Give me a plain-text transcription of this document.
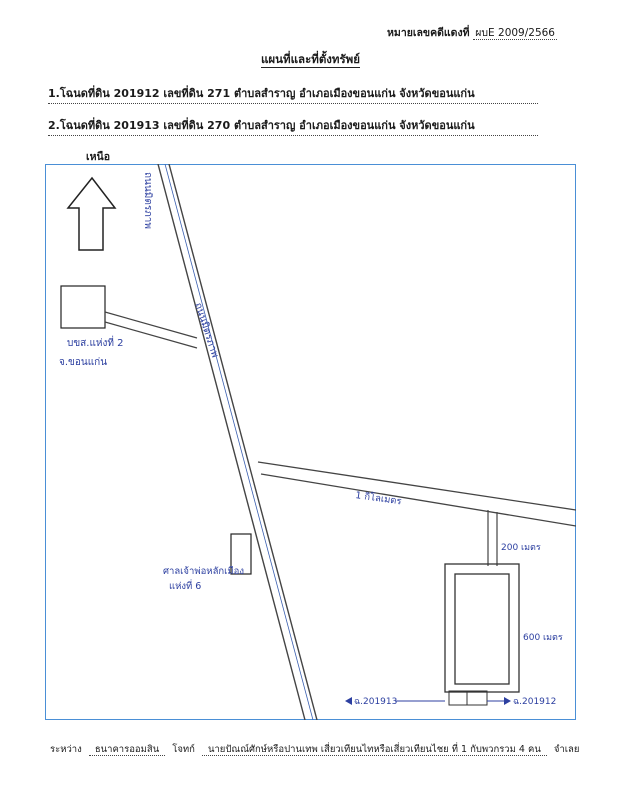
หมายเลขคดีแดงที่ ผบE 2009/2566
แผนที่และที่ตั้งทรัพย์
1.โฉนดที่ดิน 201912 เลขที่ดิน 271 ตำบลสำราญ อำเภอเมืองขอนแก่น จังหวัดขอนแก่น
2.โฉนดที่ดิน 201913 เลขที่ดิน 270 ตำบลสำราญ อำเภอเมืองขอนแก่น จังหวัดขอนแก่น
เหนือ
ถนนมิตรภาพ
ถนนมิตรภาพ
บขส.แห่งที่ 2
จ.ขอนแก่น
ศาลเจ้าพ่อหลักเมือง
แห่งที่ 6
1 กิโลเมตร
200 เมตร
600 เมตร
ฉ.201913	ฉ.201912
ระหว่าง ธนาคารออมสิน โจทก์ นายปัณณ์ศักษ์หรือปานเทพ เสี่ยวเทียนไทหรือเสี่ยวเทียนไชย ที่ 1 กับพวกรวม 4 คน จำเลย
